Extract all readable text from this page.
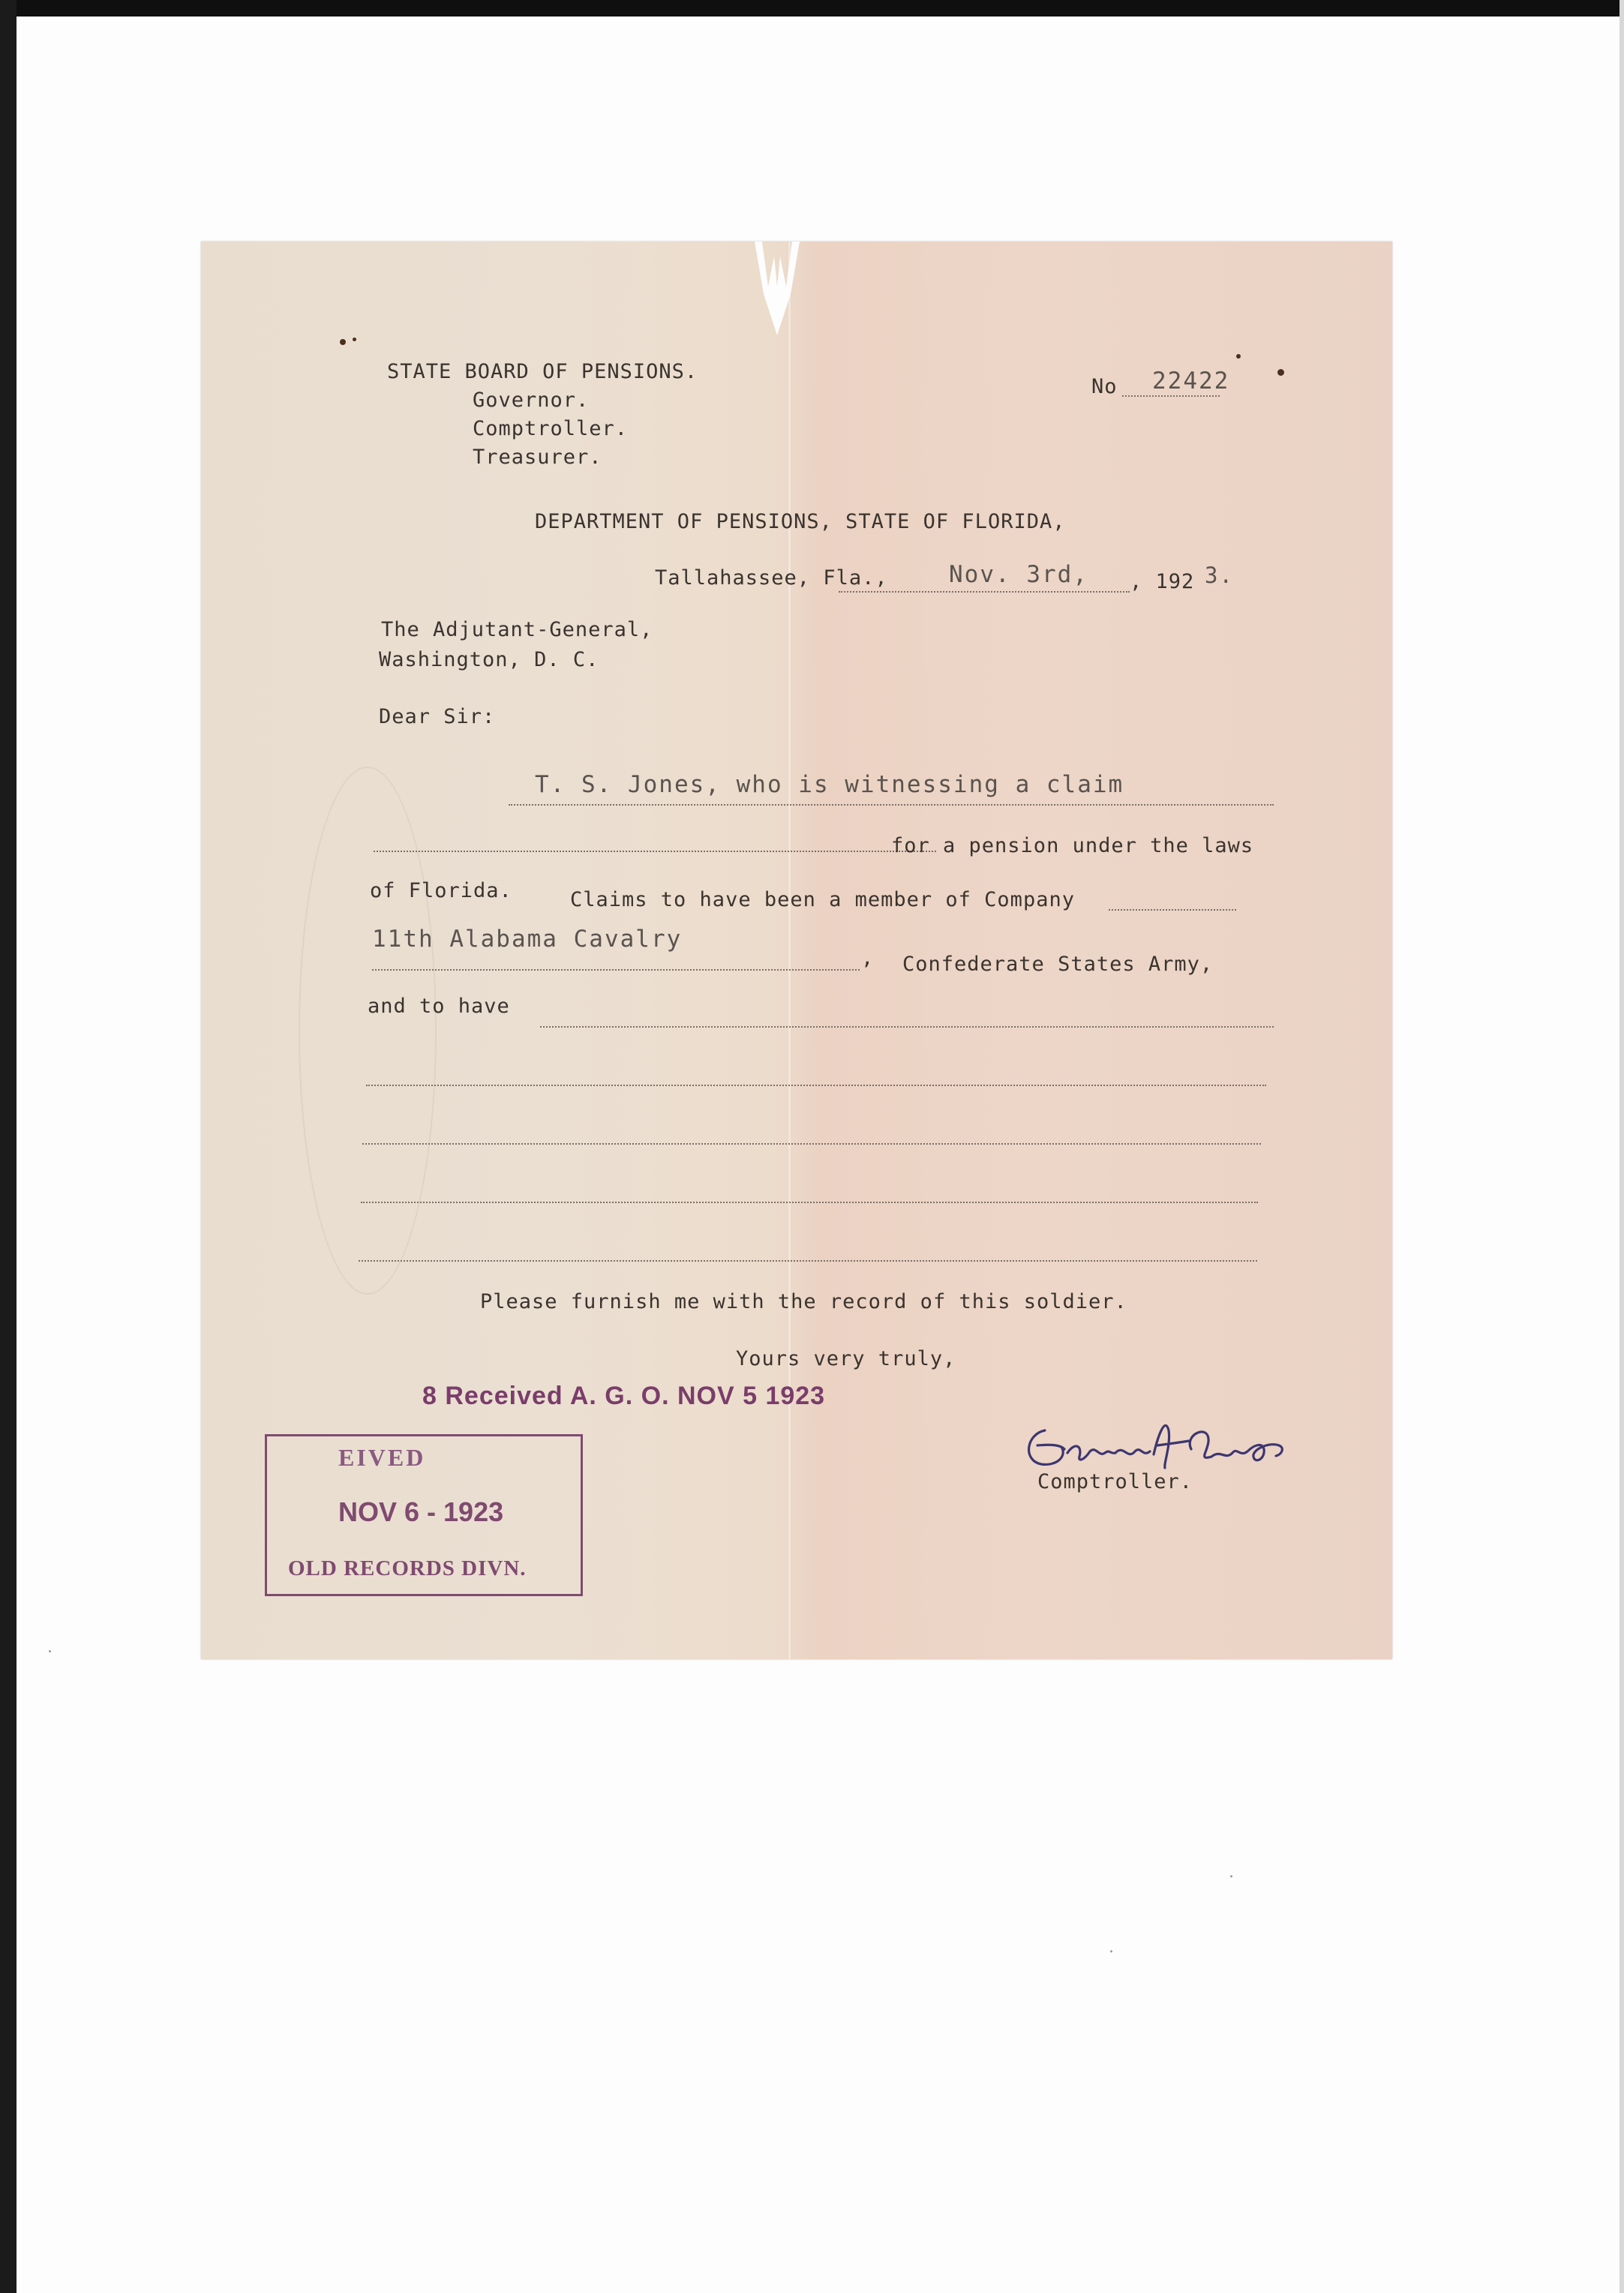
STATE BOARD OF PENSIONS.
Governor.
Comptroller.
Treasurer.
No 22422
DEPARTMENT OF PENSIONS, STATE OF FLORIDA,
Tallahassee, Fla.,	Nov. 3rd, , 192 3.
The Adjutant-General,
Washington, D. C.
Dear Sir:
T. S. Jones, who is witnessing a claim
for a pension under the laws
of Florida.	Claims to have been a member of Company
11th Alabama Cavalry
, Confederate States Army,
and to have
Please furnish me with the record of this soldier.
Yours very truly,
8 Received A. G. O. NOV 5 1923
EIVED
NOV 6 - 1923
OLD RECORDS DIVN.
Comptroller.
